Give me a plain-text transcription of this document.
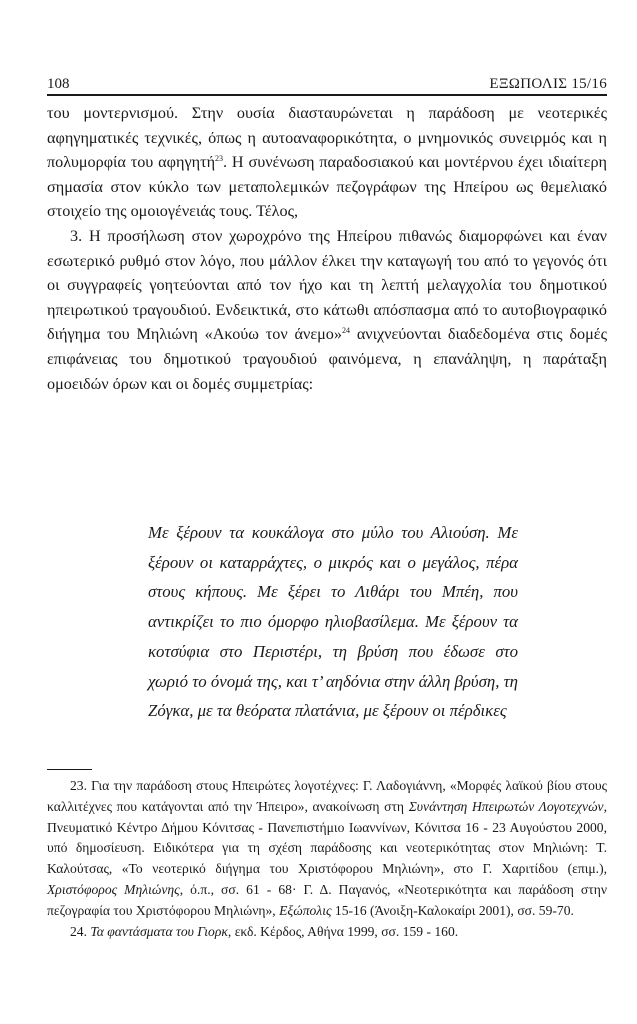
108	ΕΞΩΠΟΛΙΣ 15/16

του μοντερνισμού. Στην ουσία διασταυρώνεται η παράδοση με νεοτερικές αφηγηματικές τεχνικές, όπως η αυτοαναφορικότητα, ο μνημονικός συνειρμός και η πολυμορφία του αφηγητή$^{23}$. Η συνένωση παραδοσιακού και μοντέρνου έχει ιδιαίτερη σημασία στον κύκλο των μεταπολεμικών πεζογράφων της Ηπείρου ως θεμελιακό στοιχείο της ομοιογένειάς τους. Τέλος,

3. Η προσήλωση στον χωροχρόνο της Ηπείρου πιθανώς διαμορφώνει και έναν εσωτερικό ρυθμό στον λόγο, που μάλλον έλκει την καταγωγή του από το γεγονός ότι οι συγγραφείς γοητεύονται από τον ήχο και τη λεπτή μελαγχολία του δημοτικού ηπειρωτικού τραγουδιού. Ενδεικτικά, στο κάτωθι απόσπασμα από το αυτοβιογραφικό διήγημα του Μηλιώνη «Ακούω τον άνεμο»$^{24}$ ανιχνεύονται διαδεδομένα στις δομές επιφάνειας του δημοτικού τραγουδιού φαινόμενα, η επανάληψη, η παράταξη ομοειδών όρων και οι δομές συμμετρίας:

Με ξέρουν τα κουκάλογα στο μύλο του Αλιούση. Με ξέρουν οι καταρράχτες, ο μικρός και ο μεγάλος, πέρα στους κήπους. Με ξέρει το Λιθάρι του Μπέη, που αντικρίζει το πιο όμορφο ηλιοβασίλεμα. Με ξέρουν τα κοτσύφια στο Περιστέρι, τη βρύση που έδωσε στο χωριό το όνομά της, και τ’ αηδόνια στην άλλη βρύση, τη Ζόγκα, με τα θεόρατα πλατάνια, με ξέρουν οι πέρδικες

23. Για την παράδοση στους Ηπειρώτες λογοτέχνες: Γ. Λαδογιάννη, «Μορφές λαϊκού βίου στους καλλιτέχνες που κατάγονται από την Ήπειρο», ανακοίνωση στη Συνάντηση Ηπειρωτών Λογοτεχνών, Πνευματικό Κέντρο Δήμου Κόνιτσας - Πανεπιστήμιο Ιωαννίνων, Κόνιτσα 16 - 23 Αυγούστου 2000, υπό δημοσίευση. Ειδικότερα για τη σχέση παράδοσης και νεοτερικότητας στον Μηλιώνη: Τ. Καλούτσας, «Το νεοτερικό διήγημα του Χριστόφορου Μηλιώνη», στο Γ. Χαριτίδου (επιμ.), Χριστόφορος Μηλιώνης, ό.π., σσ. 61 - 68· Γ. Δ. Παγανός, «Νεοτερικότητα και παράδοση στην πεζογραφία του Χριστόφορου Μηλιώνη», Εξώπολις 15-16 (Άνοιξη-Καλοκαίρι 2001), σσ. 59-70.

24. Τα φαντάσματα του Γιορκ, εκδ. Κέρδος, Αθήνα 1999, σσ. 159 - 160.
